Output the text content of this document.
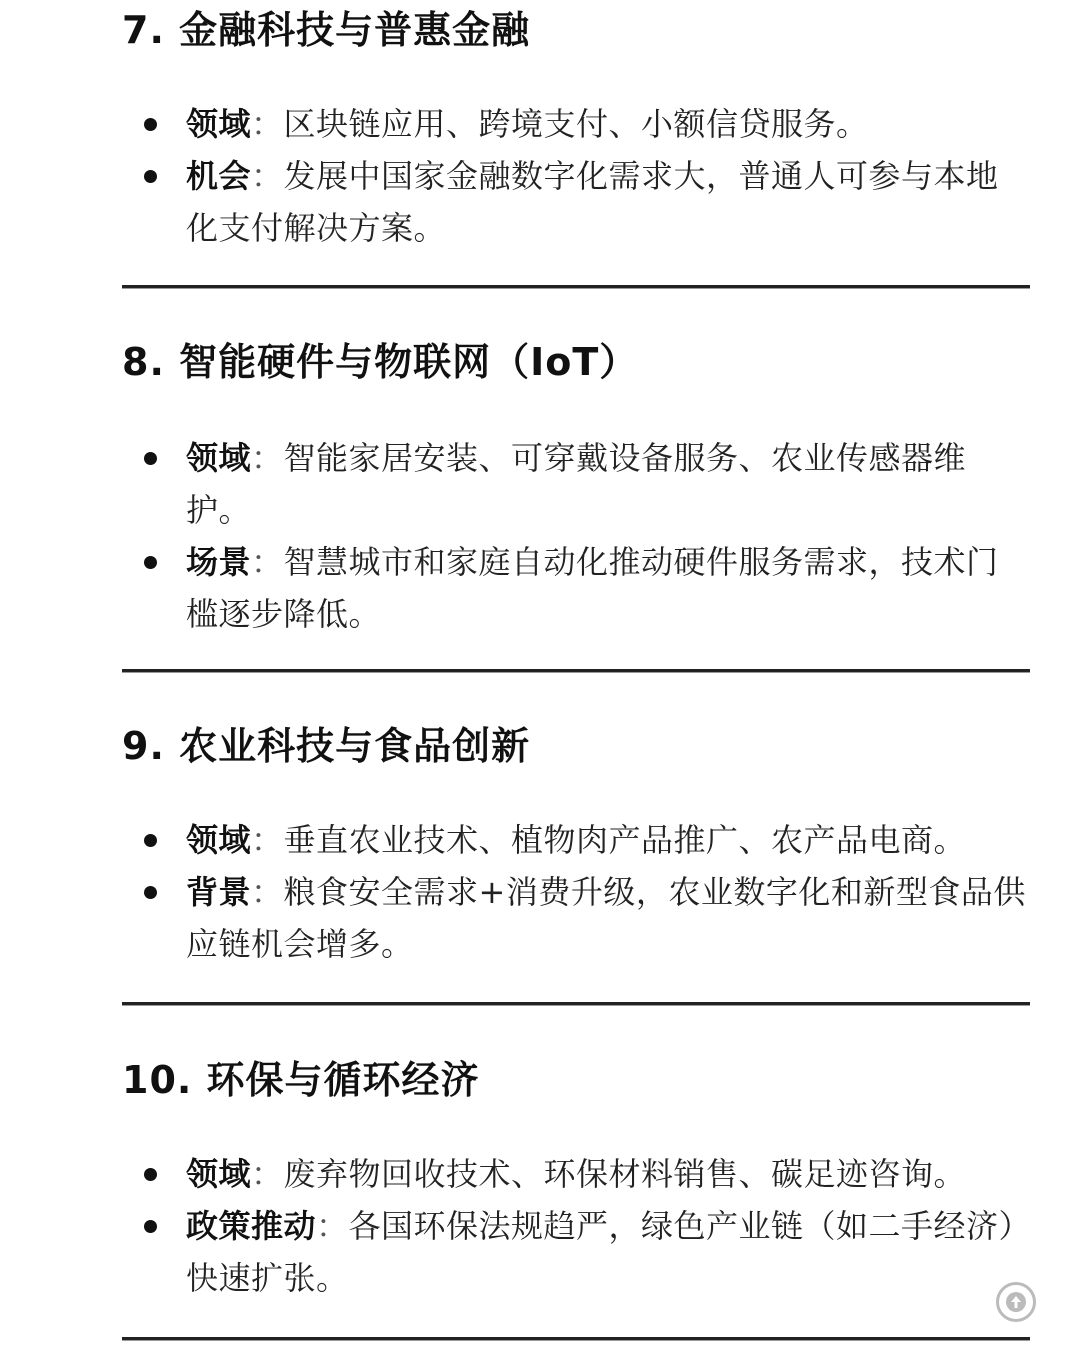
7. 金融科技与普惠金融
领域：区块链应用、跨境支付、小额信贷服务。
机会：发展中国家金融数字化需求大，普通人可参与本地化支付解决方案。
8. 智能硬件与物联网（IoT）
领域：智能家居安装、可穿戴设备服务、农业传感器维护。
场景：智慧城市和家庭自动化推动硬件服务需求，技术门槛逐步降低。
9. 农业科技与食品创新
领域：垂直农业技术、植物肉产品推广、农产品电商。
背景：粮食安全需求+消费升级，农业数字化和新型食品供应链机会增多。
10. 环保与循环经济
领域：废弃物回收技术、环保材料销售、碳足迹咨询。
政策推动：各国环保法规趋严，绿色产业链（如二手经济）快速扩张。
